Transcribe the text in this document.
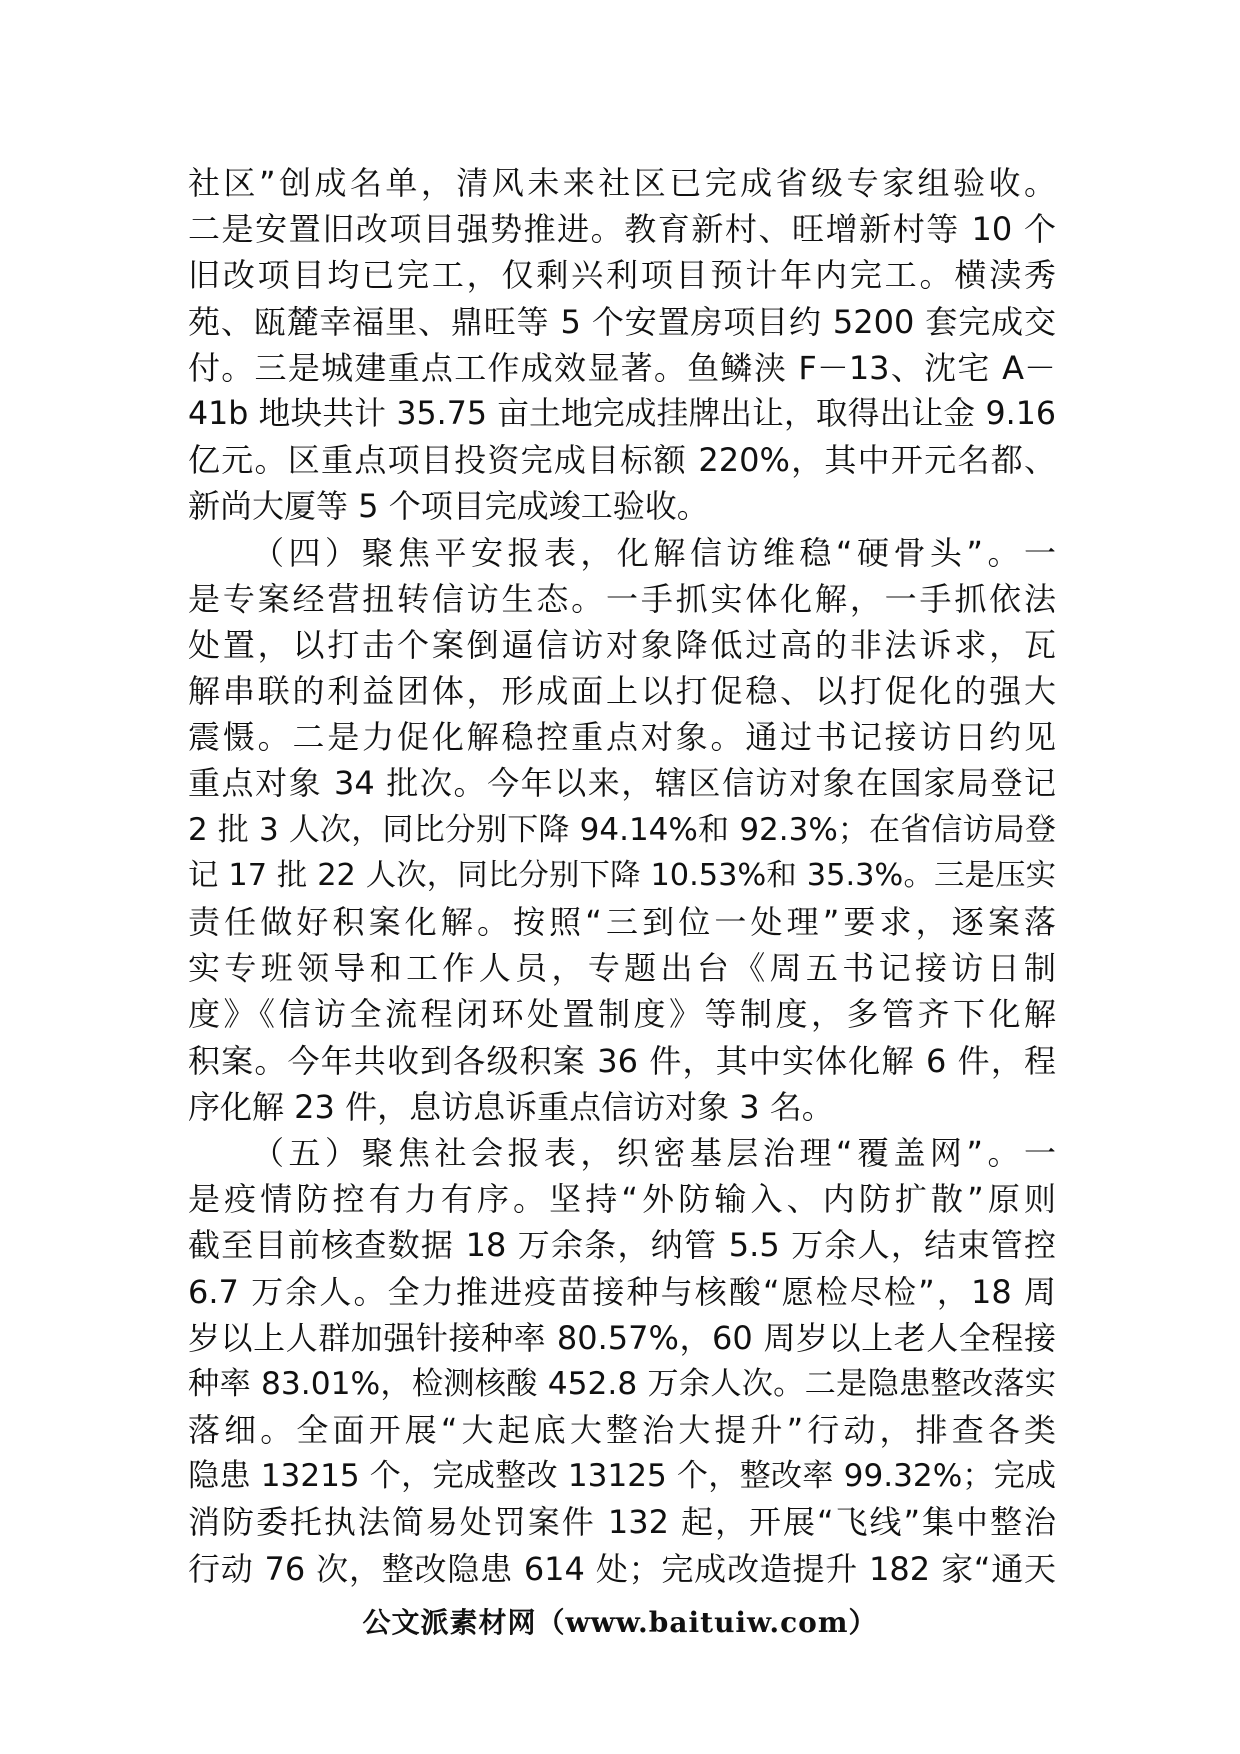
社区”创成名单，清风未来社区已完成省级专家组验收。
二是安置旧改项目强势推进。教育新村、旺增新村等 10 个
旧改项目均已完工，仅剩兴利项目预计年内完工。横渎秀
苑、瓯麓幸福里、鼎旺等 5 个安置房项目约 5200 套完成交
付。三是城建重点工作成效显著。鱼鳞浃 F－13、沈宅 A－
41b 地块共计 35.75 亩土地完成挂牌出让，取得出让金 9.16
亿元。区重点项目投资完成目标额 220%，其中开元名都、
新尚大厦等 5 个项目完成竣工验收。
（四）聚焦平安报表，化解信访维稳“硬骨头”。一
是专案经营扭转信访生态。一手抓实体化解，一手抓依法
处置，以打击个案倒逼信访对象降低过高的非法诉求，瓦
解串联的利益团体，形成面上以打促稳、以打促化的强大
震慑。二是力促化解稳控重点对象。通过书记接访日约见
重点对象 34 批次。今年以来，辖区信访对象在国家局登记
2 批 3 人次，同比分别下降 94.14%和 92.3%；在省信访局登
记 17 批 22 人次，同比分别下降 10.53%和 35.3%。三是压实
责任做好积案化解。按照“三到位一处理”要求，逐案落
实专班领导和工作人员，专题出台《周五书记接访日制
度》《信访全流程闭环处置制度》等制度，多管齐下化解
积案。今年共收到各级积案 36 件，其中实体化解 6 件，程
序化解 23 件，息访息诉重点信访对象 3 名。
（五）聚焦社会报表，织密基层治理“覆盖网”。一
是疫情防控有力有序。坚持“外防输入、内防扩散”原则
截至目前核查数据 18 万余条，纳管 5.5 万余人，结束管控
6.7 万余人。全力推进疫苗接种与核酸“愿检尽检”，18 周
岁以上人群加强针接种率 80.57%，60 周岁以上老人全程接
种率 83.01%，检测核酸 452.8 万余人次。二是隐患整改落实
落细。全面开展“大起底大整治大提升”行动，排查各类
隐患 13215 个，完成整改 13125 个，整改率 99.32%；完成
消防委托执法简易处罚案件 132 起，开展“飞线”集中整治
行动 76 次，整改隐患 614 处；完成改造提升 182 家“通天
公文派素材网（www.baituiw.com）
